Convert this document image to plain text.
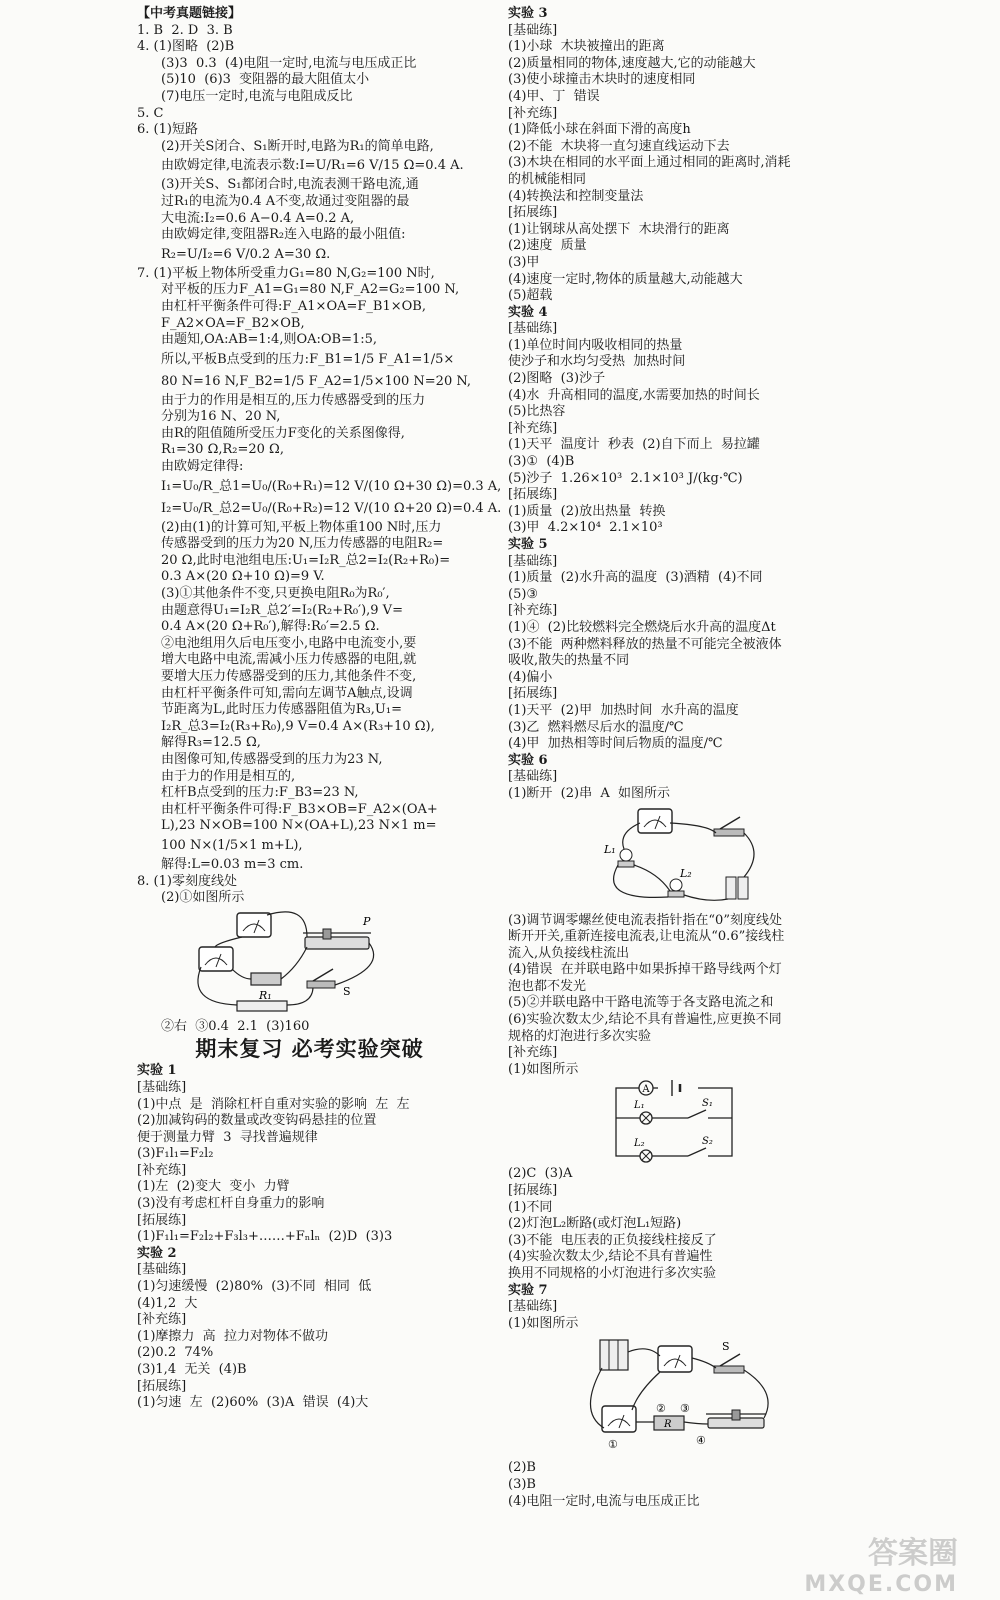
【中考真题链接】
1. B  2. D  3. B
4. (1)图略  (2)B
(3)3  0.3  (4)电阻一定时,电流与电压成正比
(5)10  (6)3  变阻器的最大阻值太小
(7)电压一定时,电流与电阻成反比
5. C
6. (1)短路
(2)开关S闭合、S₁断开时,电路为R₁的简单电路,
由欧姆定律,电流表示数:I=U/R₁=6 V/15 Ω=0.4 A.
(3)开关S、S₁都闭合时,电流表测干路电流,通
过R₁的电流为0.4 A不变,故通过变阻器的最
大电流:I₂=0.6 A−0.4 A=0.2 A,
由欧姆定律,变阻器R₂连入电路的最小阻值:
R₂=U/I₂=6 V/0.2 A=30 Ω.
7. (1)平板上物体所受重力G₁=80 N,G₂=100 N时,
对平板的压力F_A1=G₁=80 N,F_A2=G₂=100 N,
由杠杆平衡条件可得:F_A1×OA=F_B1×OB,
F_A2×OA=F_B2×OB,
由题知,OA:AB=1:4,则OA:OB=1:5,
所以,平板B点受到的压力:F_B1=1/5 F_A1=1/5×
80 N=16 N,F_B2=1/5 F_A2=1/5×100 N=20 N,
由于力的作用是相互的,压力传感器受到的压力
分别为16 N、20 N,
由R的阻值随所受压力F变化的关系图像得,
R₁=30 Ω,R₂=20 Ω,
由欧姆定律得:
I₁=U₀/R_总1=U₀/(R₀+R₁)=12 V/(10 Ω+30 Ω)=0.3 A,
I₂=U₀/R_总2=U₀/(R₀+R₂)=12 V/(10 Ω+20 Ω)=0.4 A.
(2)由(1)的计算可知,平板上物体重100 N时,压力
传感器受到的压力为20 N,压力传感器的电阻R₂=
20 Ω,此时电池组电压:U₁=I₂R_总2=I₂(R₂+R₀)=
0.3 A×(20 Ω+10 Ω)=9 V.
(3)①其他条件不变,只更换电阻R₀为R₀′,
由题意得U₁=I₂R_总2′=I₂(R₂+R₀′),9 V=
0.4 A×(20 Ω+R₀′),解得:R₀′=2.5 Ω.
②电池组用久后电压变小,电路中电流变小,要
增大电路中电流,需减小压力传感器的电阻,就
要增大压力传感器受到的压力,其他条件不变,
由杠杆平衡条件可知,需向左调节A触点,设调
节距离为L,此时压力传感器阻值为R₃,U₁=
I₂R_总3=I₂(R₃+R₀),9 V=0.4 A×(R₃+10 Ω),
解得R₃=12.5 Ω,
由图像可知,传感器受到的压力为23 N,
由于力的作用是相互的,
杠杆B点受到的压力:F_B3=23 N,
由杠杆平衡条件可得:F_B3×OB=F_A2×(OA+
L),23 N×OB=100 N×(OA+L),23 N×1 m=
100 N×(1/5×1 m+L),
解得:L=0.03 m=3 cm.
8. (1)零刻度线处
(2)①如图所示
P
R₁	S
②右  ③0.4  2.1  (3)160
期末复习 必考实验突破
实验 1
[基础练]
(1)中点  是  消除杠杆自重对实验的影响  左  左
(2)加减钩码的数量或改变钩码悬挂的位置
便于测量力臂  3  寻找普遍规律
(3)F₁l₁=F₂l₂
[补充练]
(1)左  (2)变大  变小  力臂
(3)没有考虑杠杆自身重力的影响
[拓展练]
(1)F₁l₁=F₂l₂+F₃l₃+……+Fₙlₙ  (2)D  (3)3
实验 2
[基础练]
(1)匀速缓慢  (2)80%  (3)不同  相同  低
(4)1,2  大
[补充练]
(1)摩擦力  高  拉力对物体不做功
(2)0.2  74%
(3)1,4  无关  (4)B
[拓展练]
(1)匀速  左  (2)60%  (3)A  错误  (4)大
实验 3
[基础练]
(1)小球  木块被撞出的距离
(2)质量相同的物体,速度越大,它的动能越大
(3)使小球撞击木块时的速度相同
(4)甲、丁  错误
[补充练]
(1)降低小球在斜面下滑的高度h
(2)不能  木块将一直匀速直线运动下去
(3)木块在相同的水平面上通过相同的距离时,消耗
的机械能相同
(4)转换法和控制变量法
[拓展练]
(1)让钢球从高处摆下  木块滑行的距离
(2)速度  质量
(3)甲
(4)速度一定时,物体的质量越大,动能越大
(5)超载
实验 4
[基础练]
(1)单位时间内吸收相同的热量
使沙子和水均匀受热  加热时间
(2)图略  (3)沙子
(4)水  升高相同的温度,水需要加热的时间长
(5)比热容
[补充练]
(1)天平  温度计  秒表  (2)自下而上  易拉罐
(3)①  (4)B
(5)沙子  1.26×10³  2.1×10³ J/(kg·℃)
[拓展练]
(1)质量  (2)放出热量  转换
(3)甲  4.2×10⁴  2.1×10³
实验 5
[基础练]
(1)质量  (2)水升高的温度  (3)酒精  (4)不同
(5)③
[补充练]
(1)④  (2)比较燃料完全燃烧后水升高的温度Δt
(3)不能  两种燃料释放的热量不可能完全被液体
吸收,散失的热量不同
(4)偏小
[拓展练]
(1)天平  (2)甲  加热时间  水升高的温度
(3)乙  燃料燃尽后水的温度/℃
(4)甲  加热相等时间后物质的温度/℃
实验 6
[基础练]
(1)断开  (2)串  A  如图所示
L₁
L₂
(3)调节调零螺丝使电流表指针指在“0”刻度线处
断开开关,重新连接电流表,让电流从“0.6”接线柱
流入,从负接线柱流出
(4)错误  在并联电路中如果拆掉干路导线两个灯
泡也都不发光
(5)②并联电路中干路电流等于各支路电流之和
(6)实验次数太少,结论不具有普遍性,应更换不同
规格的灯泡进行多次实验
[补充练]
(1)如图所示
A
L₁
L₂
S₁
S₂
(2)C  (3)A
[拓展练]
(1)不同
(2)灯泡L₂断路(或灯泡L₁短路)
(3)不能  电压表的正负接线柱接反了
(4)实验次数太少,结论不具有普遍性
换用不同规格的小灯泡进行多次实验
实验 7
[基础练]
(1)如图所示
S
R
①
② ③
④
(2)B
(3)B
(4)电阻一定时,电流与电压成正比
答案圈
MXQE.COM
